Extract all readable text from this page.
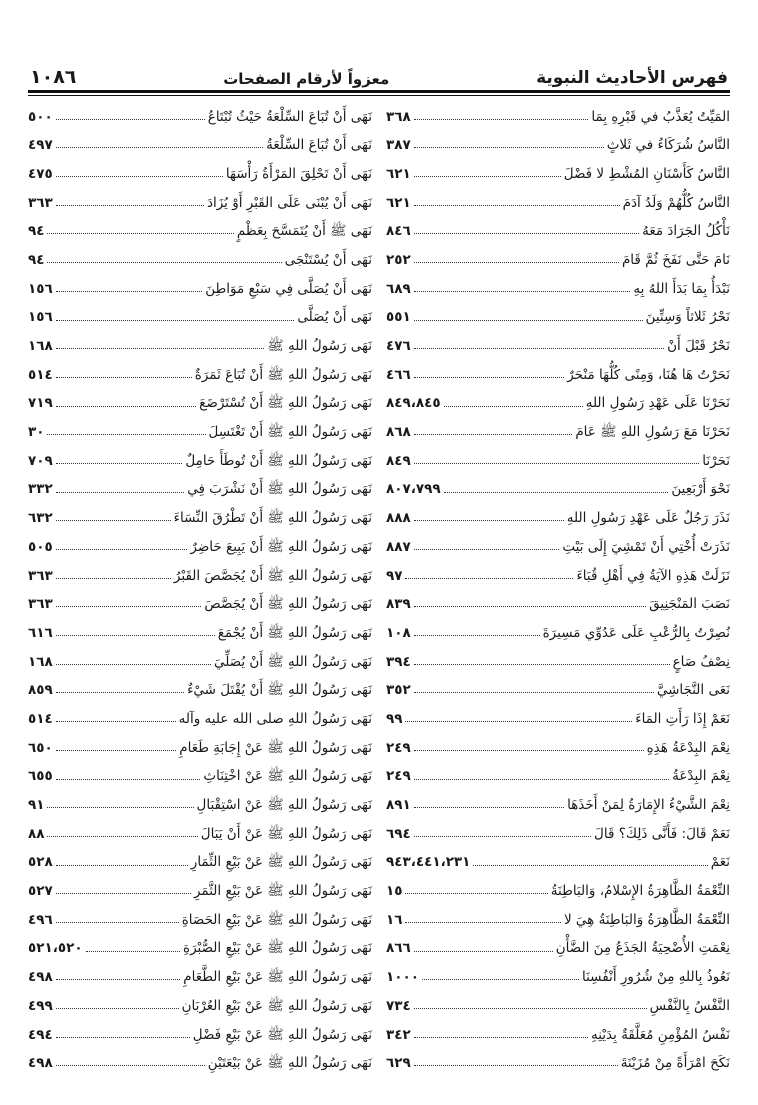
فهرس الأحاديث النبوية
معزواً لأرقام الصفحات
١٠٨٦
المَيِّتُ يُعَذَّبُ في قَبْرِهِ بِمَا
٣٦٨
النَّاسُ شُرَكَاءُ في ثَلاثٍ
٣٨٧
النَّاسُ كَأَسْنَانِ المُشْطِ لا فَضْلَ
٦٢١
النَّاسُ كُلُّهُمْ وَلَدُ آدَمَ
٦٢١
نَأْكُلُ الجَرَادَ مَعَهُ
٨٤٦
نَامَ حَتَّى نَفَخَ ثُمَّ قَامَ
٢٥٢
نَبْدَأُ بِمَا بَدَأَ اللهُ بِهِ
٦٨٩
نَحْرُ ثَلاثاً وَسِتِّينَ
٥٥١
نَحْرُ قَبْلَ أَنْ
٤٧٦
نَحَرْتُ هَا هُنَا، وَمِنًى كُلُّهَا مَنْحَرٌ
٤٦٦
نَحَرْنَا عَلَى عَهْدِ رَسُولِ اللهِ
٨٤٩،٨٤٥
نَحَرْنَا مَعَ رَسُولِ اللهِ ﷺ عَامَ
٨٦٨
نَحَرْنَا
٨٤٩
نَحْوَ أَرْبَعِينَ
٨٠٧،٧٩٩
نَذَرَ رَجُلٌ عَلَى عَهْدِ رَسُولِ اللهِ
٨٨٨
نَذَرَتْ أُخْتِي أَنْ تَمْشِيَ إِلَى بَيْتِ
٨٨٧
نَزَلَتْ هَذِهِ الآيَةُ فِي أَهْلِ قُبَاءَ
٩٧
نَصَبَ المَنْجَنِيقَ
٨٣٩
نُصِرْتُ بِالرُّعْبِ عَلَى عَدُوِّي مَسِيرَةَ
١٠٨
نِصْفُ صَاعٍ
٣٩٤
نَعَى النَّجَاشِيَّ
٣٥٢
نَعَمْ إِذَا رَأَتِ المَاءَ
٩٩
نِعْمَ البِدْعَةُ هَذِهِ
٢٤٩
نِعْمَ البِدْعَةُ
٢٤٩
نِعْمَ الشَّيْءُ الإِمَارَةُ لِمَنْ أَخَذَهَا
٨٩١
نَعَمْ قَالَ: فَأَنَّى ذَلِكَ؟ قَالَ
٦٩٤
نَعَمْ
٩٤٣،٤٤١،٢٣١
النِّعْمَةُ الظَّاهِرَةُ الإِسْلامُ، وَالبَاطِنَةُ
١٥
النِّعْمَةُ الظَّاهِرَةُ وَالبَاطِنَةُ هِيَ لا
١٦
نِعْمَتِ الأُضْحِيَةُ الجَذَعُ مِنَ الضَّأْنِ
٨٦٦
نَعُوذُ بِاللهِ مِنْ شُرُورِ أَنْفُسِنَا
١٠٠٠
النَّفْسُ بِالنَّفْسِ
٧٣٤
نَفْسُ المُؤْمِنِ مُعَلَّقَةٌ بِدَيْنِهِ
٣٤٢
نَكَحَ امْرَأَةً مِنْ مُزَيْنَةَ
٦٢٩
نَهَى أَنْ تُبَاعَ السِّلْعَةُ حَيْثُ تُبْتَاعُ
٥٠٠
نَهَى أَنْ تُبَاعَ السِّلْعَةُ
٤٩٧
نَهَى أَنْ تَحْلِقَ المَرْأَةُ رَأْسَهَا
٤٧٥
نَهَى أَنْ يُبْنَى عَلَى القَبْرِ أَوْ يُزَادَ
٣٦٣
نَهَى ﷺ أَنْ يُتَمَسَّحَ بِعَظْمٍ
٩٤
نَهَى أَنْ يُسْتَنْجَى
٩٤
نَهَى أَنْ يُصَلَّى فِي سَبْعِ مَوَاطِنَ
١٥٦
نَهَى أَنْ يُصَلَّى
١٥٦
نَهَى رَسُولُ اللهِ ﷺ
١٦٨
نَهَى رَسُولُ اللهِ ﷺ أَنْ تُبَاعَ ثَمَرَةٌ
٥١٤
نَهَى رَسُولُ اللهِ ﷺ أَنْ تُسْتَرْضَعَ
٧١٩
نَهَى رَسُولُ اللهِ ﷺ أَنْ تَغْتَسِلَ
٣٠
نَهَى رَسُولُ اللهِ ﷺ أَنْ تُوطَأَ حَامِلٌ
٧٠٩
نَهَى رَسُولُ اللهِ ﷺ أَنْ نَشْرَبَ فِي
٣٣٢
نَهَى رَسُولُ اللهِ ﷺ أَنْ تَطْرُقَ النِّسَاءَ
٦٣٢
نَهَى رَسُولُ اللهِ ﷺ أَنْ يَبِيعَ حَاضِرٌ
٥٠٥
نَهَى رَسُولُ اللهِ ﷺ أَنْ يُجَصَّصَ القَبْرُ
٣٦٣
نَهَى رَسُولُ اللهِ ﷺ أَنْ يُجَصَّصَ
٣٦٣
نَهَى رَسُولُ اللهِ ﷺ أَنْ يُجْمَعَ
٦١٦
نَهَى رَسُولُ اللهِ ﷺ أَنْ يُصَلِّيَ
١٦٨
نَهَى رَسُولُ اللهِ ﷺ أَنْ يُقْتَلَ شَيْءٌ
٨٥٩
نَهَى رَسُولُ اللهِ صلى الله عليه وآله
٥١٤
نَهَى رَسُولُ اللهِ ﷺ عَنْ إِجَابَةِ طَعَامِ
٦٥٠
نَهَى رَسُولُ اللهِ ﷺ عَنْ اخْتِنَاثِ
٦٥٥
نَهَى رَسُولُ اللهِ ﷺ عَنْ اسْتِقْبَالِ
٩١
نَهَى رَسُولُ اللهِ ﷺ عَنْ أَنْ يَبَالَ
٨٨
نَهَى رَسُولُ اللهِ ﷺ عَنْ بَيْعِ الثِّمَارِ
٥٢٨
نَهَى رَسُولُ اللهِ ﷺ عَنْ بَيْعِ الثَّمَرِ
٥٢٧
نَهَى رَسُولُ اللهِ ﷺ عَنْ بَيْعِ الحَصَاةِ
٤٩٦
نَهَى رَسُولُ اللهِ ﷺ عَنْ بَيْعِ الصُّبْرَةِ
٥٢١،٥٢٠
نَهَى رَسُولُ اللهِ ﷺ عَنْ بَيْعِ الطَّعَامِ
٤٩٨
نَهَى رَسُولُ اللهِ ﷺ عَنْ بَيْعِ العُرْبَانِ
٤٩٩
نَهَى رَسُولُ اللهِ ﷺ عَنْ بَيْعِ فَضْلِ
٤٩٤
نَهَى رَسُولُ اللهِ ﷺ عَنْ بَيْعَتَيْنِ
٤٩٨
